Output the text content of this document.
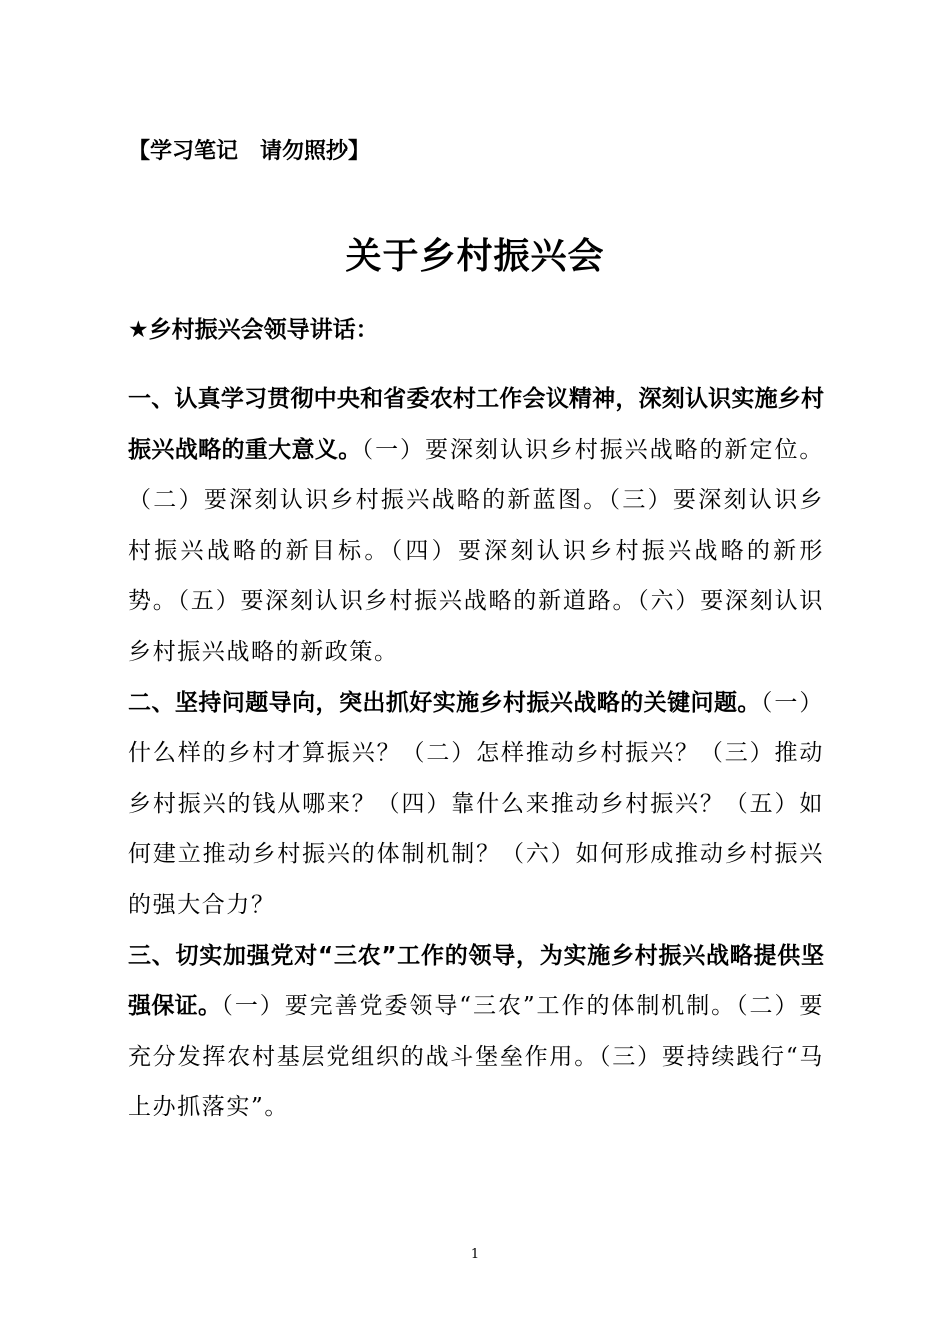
【学习笔记　请勿照抄】
关于乡村振兴会
★乡村振兴会领导讲话：

一、认真学习贯彻中央和省委农村工作会议精神，深刻认识实施乡村振兴战略的重大意义。（一）要深刻认识乡村振兴战略的新定位。（二）要深刻认识乡村振兴战略的新蓝图。（三）要深刻认识乡村振兴战略的新目标。（四）要深刻认识乡村振兴战略的新形势。（五）要深刻认识乡村振兴战略的新道路。（六）要深刻认识乡村振兴战略的新政策。

二、坚持问题导向，突出抓好实施乡村振兴战略的关键问题。（一）什么样的乡村才算振兴？（二）怎样推动乡村振兴？（三）推动乡村振兴的钱从哪来？（四）靠什么来推动乡村振兴？（五）如何建立推动乡村振兴的体制机制？（六）如何形成推动乡村振兴的强大合力？

三、切实加强党对“三农”工作的领导，为实施乡村振兴战略提供坚强保证。（一）要完善党委领导“三农”工作的体制机制。（二）要充分发挥农村基层党组织的战斗堡垒作用。（三）要持续践行“马上办抓落实”。

1
